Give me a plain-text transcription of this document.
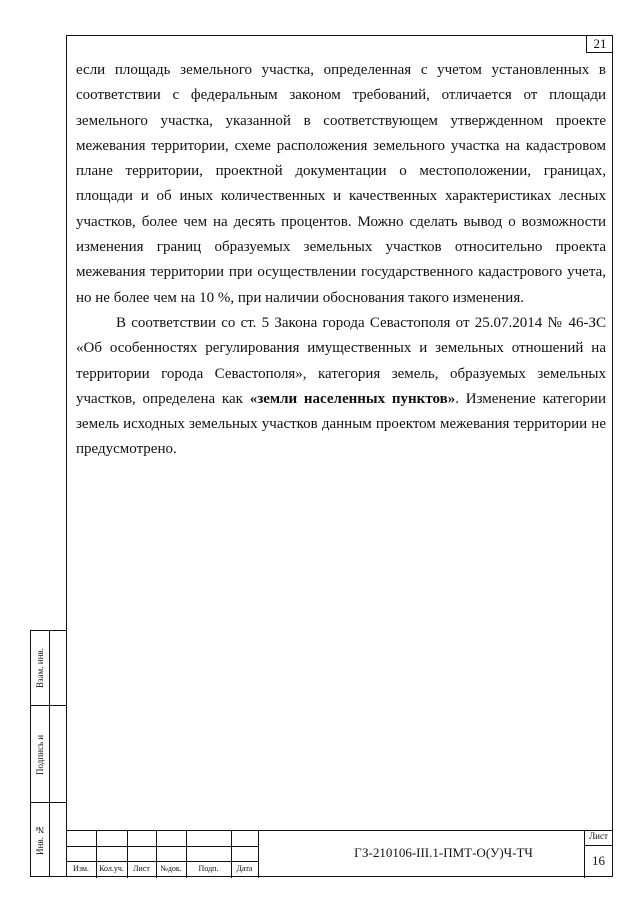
21

если площадь земельного участка, определенная с учетом установленных в соответствии с федеральным законом требований, отличается от площади земельного участка, указанной в соответствующем утвержденном проекте межевания территории, схеме расположения земельного участка на кадастровом плане территории, проектной документации о местоположении, границах, площади и об иных количественных и качественных характеристиках лесных участков, более чем на десять процентов. Можно сделать вывод о возможности изменения границ образуемых земельных участков относительно проекта межевания территории при осуществлении государственного кадастрового учета, но не более чем на 10 %, при наличии обоснования такого изменения.

В соответствии со ст. 5 Закона города Севастополя от 25.07.2014 № 46-ЗС «Об особенностях регулирования имущественных и земельных отношений на территории города Севастополя», категория земель, образуемых земельных участков, определена как «земли населенных пунктов». Изменение категории земель исходных земельных участков данным проектом межевания территории не предусмотрено.

Взам. инв.
Подпись и
Инв. №
Изм.	Кол.уч.	Лист	№док.	Подп.	Дата
ГЗ-210106-III.1-ПМТ-О(У)Ч-ТЧ
Лист
16
